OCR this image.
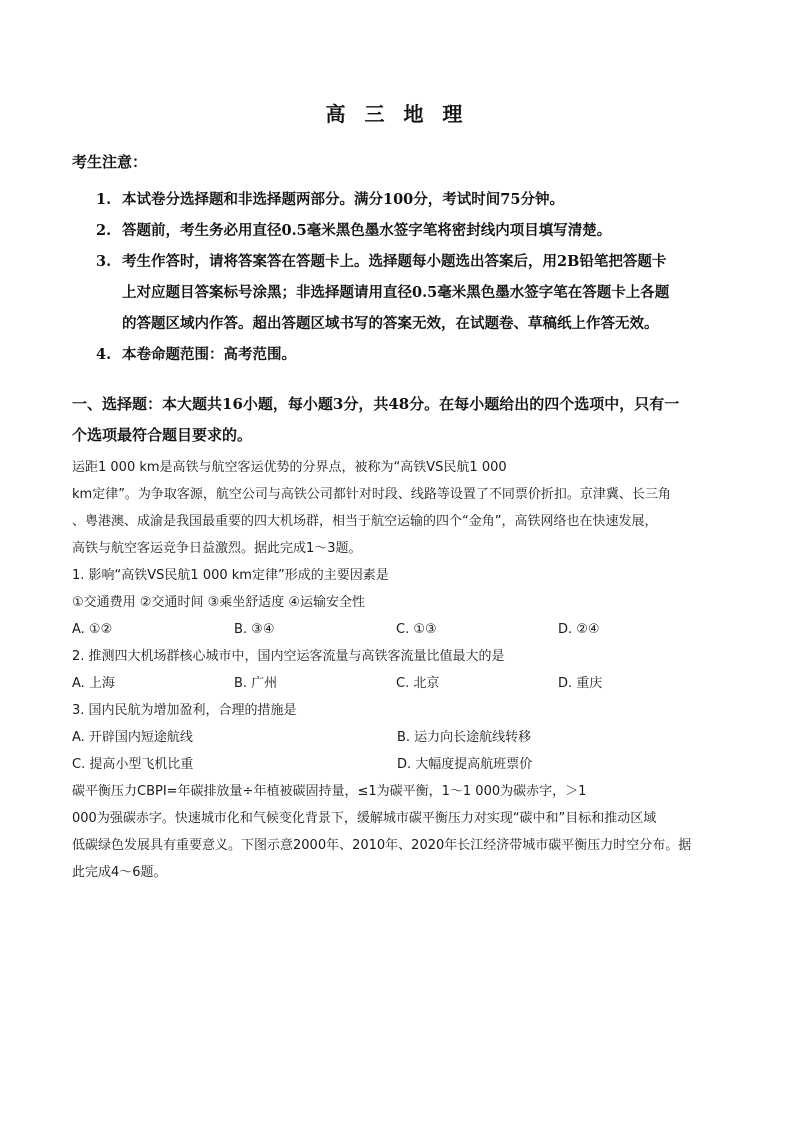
高 三 地 理
考生注意：
1. 本试卷分选择题和非选择题两部分。满分100分，考试时间75分钟。
2. 答题前，考生务必用直径0.5毫米黑色墨水签字笔将密封线内项目填写清楚。
3. 考生作答时，请将答案答在答题卡上。选择题每小题选出答案后，用2B铅笔把答题卡
上对应题目答案标号涂黑；非选择题请用直径0.5毫米黑色墨水签字笔在答题卡上各题
的答题区域内作答。超出答题区域书写的答案无效，在试题卷、草稿纸上作答无效。
4. 本卷命题范围：高考范围。
一、选择题：本大题共16小题，每小题3分，共48分。在每小题给出的四个选项中，只有一
个选项最符合题目要求的。
运距1 000 km是高铁与航空客运优势的分界点，被称为“高铁VS民航1 000
km定律”。为争取客源，航空公司与高铁公司都针对时段、线路等设置了不同票价折扣。京津冀、长三角
、粤港澳、成渝是我国最重要的四大机场群，相当于航空运输的四个“金角”，高铁网络也在快速发展，
高铁与航空客运竞争日益激烈。据此完成1～3题。
1. 影响“高铁VS民航1 000 km定律”形成的主要因素是
①交通费用 ②交通时间 ③乘坐舒适度 ④运输安全性
A. ①②	B. ③④	C. ①③	D. ②④
2. 推测四大机场群核心城市中，国内空运客流量与高铁客流量比值最大的是
A. 上海	B. 广州	C. 北京	D. 重庆
3. 国内民航为增加盈利，合理的措施是
A. 开辟国内短途航线	B. 运力向长途航线转移
C. 提高小型飞机比重	D. 大幅度提高航班票价
碳平衡压力CBPI=年碳排放量÷年植被碳固持量，≤1为碳平衡，1～1 000为碳赤字，＞1
000为强碳赤字。快速城市化和气候变化背景下，缓解城市碳平衡压力对实现“碳中和”目标和推动区域
低碳绿色发展具有重要意义。下图示意2000年、2010年、2020年长江经济带城市碳平衡压力时空分布。据
此完成4～6题。
